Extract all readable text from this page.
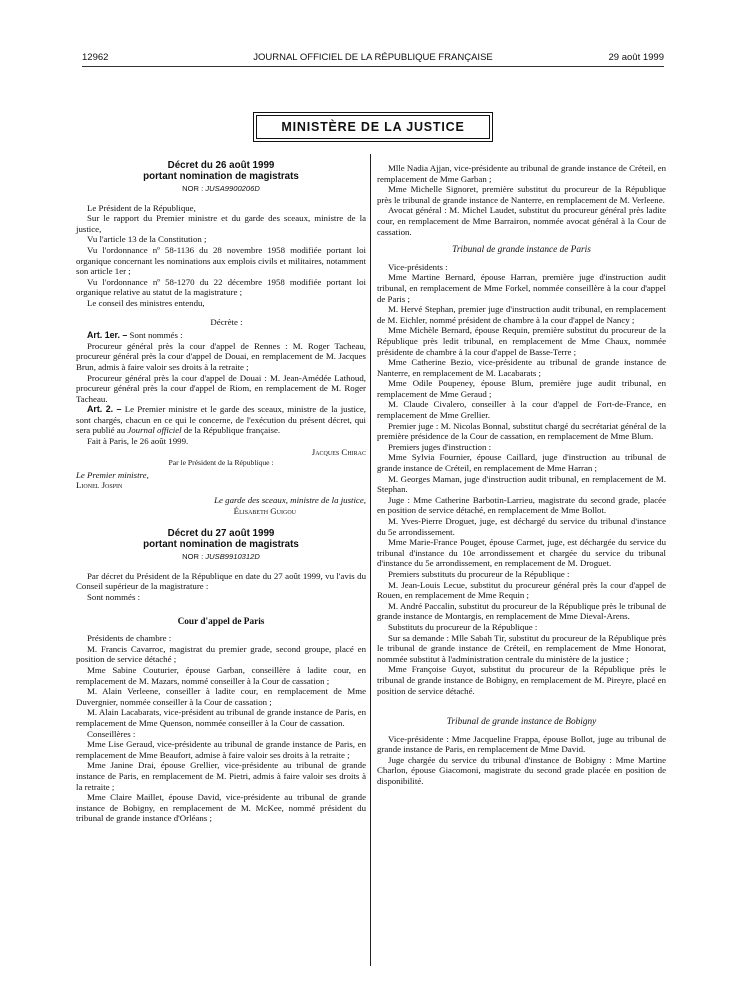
12962	JOURNAL OFFICIEL DE LA RÉPUBLIQUE FRANÇAISE	29 août 1999
MINISTÈRE DE LA JUSTICE

Décret du 26 août 1999

portant nomination de magistrats

NOR : JUSA9900206D

Le Président de la République,

Sur le rapport du Premier ministre et du garde des sceaux, ministre de la justice,

Vu l'article 13 de la Constitution ;

Vu l'ordonnance nº 58-1136 du 28 novembre 1958 modifiée portant loi organique concernant les nominations aux emplois civils et militaires, notamment son article 1er ;

Vu l'ordonnance nº 58-1270 du 22 décembre 1958 modifiée portant loi organique relative au statut de la magistrature ;

Le conseil des ministres entendu,

Décrète :

Art. 1er. – Sont nommés :

Procureur général près la cour d'appel de Rennes : M. Roger Tacheau, procureur général près la cour d'appel de Douai, en remplacement de M. Jacques Brun, admis à faire valoir ses droits à la retraite ;

Procureur général près la cour d'appel de Douai : M. Jean-Amédée Lathoud, procureur général près la cour d'appel de Riom, en remplacement de M. Roger Tacheau.

Art. 2. – Le Premier ministre et le garde des sceaux, ministre de la justice, sont chargés, chacun en ce qui le concerne, de l'exécution du présent décret, qui sera publié au Journal officiel de la République française.

Fait à Paris, le 26 août 1999.

Jacques Chirac

Par le Président de la République :

Le Premier ministre,

Lionel Jospin

Le garde des sceaux, ministre de la justice,

Élisabeth Guigou

Décret du 27 août 1999

portant nomination de magistrats

NOR : JUSB9910312D

Par décret du Président de la République en date du 27 août 1999, vu l'avis du Conseil supérieur de la magistrature :

Sont nommés :

Cour d'appel de Paris

Présidents de chambre :

M. Francis Cavarroc, magistrat du premier grade, second groupe, placé en position de service détaché ;

Mme Sabine Couturier, épouse Garban, conseillère à ladite cour, en remplacement de M. Mazars, nommé conseiller à la Cour de cassation ;

M. Alain Verleene, conseiller à ladite cour, en remplacement de Mme Duvergnier, nommée conseiller à la Cour de cassation ;

M. Alain Lacabarats, vice-président au tribunal de grande instance de Paris, en remplacement de Mme Quenson, nommée conseiller à la Cour de cassation.

Conseillères :

Mme Lise Geraud, vice-présidente au tribunal de grande instance de Paris, en remplacement de Mme Beaufort, admise à faire valoir ses droits à la retraite ;

Mme Janine Drai, épouse Grellier, vice-présidente au tribunal de grande instance de Paris, en remplacement de M. Pietri, admis à faire valoir ses droits à la retraite ;

Mme Claire Maillet, épouse David, vice-présidente au tribunal de grande instance de Bobigny, en remplacement de M. McKee, nommé président du tribunal de grande instance d'Orléans ;

Mlle Nadia Ajjan, vice-présidente au tribunal de grande instance de Créteil, en remplacement de Mme Garban ;

Mme Michelle Signoret, première substitut du procureur de la République près le tribunal de grande instance de Nanterre, en remplacement de M. Verleene.

Avocat général : M. Michel Laudet, substitut du procureur général près ladite cour, en remplacement de Mme Barrairon, nommée avocat général à la Cour de cassation.

Tribunal de grande instance de Paris

Vice-présidents :

Mme Martine Bernard, épouse Harran, première juge d'instruction audit tribunal, en remplacement de Mme Forkel, nommée conseillère à la cour d'appel de Paris ;

M. Hervé Stephan, premier juge d'instruction audit tribunal, en remplacement de M. Eichler, nommé président de chambre à la cour d'appel de Nancy ;

Mme Michèle Bernard, épouse Requin, première substitut du procureur de la République près ledit tribunal, en remplacement de Mme Chaux, nommée présidente de chambre à la cour d'appel de Basse-Terre ;

Mme Catherine Bezio, vice-présidente au tribunal de grande instance de Nanterre, en remplacement de M. Lacabarats ;

Mme Odile Poupeney, épouse Blum, première juge audit tribunal, en remplacement de Mme Geraud ;

M. Claude Civalero, conseiller à la cour d'appel de Fort-de-France, en remplacement de Mme Grellier.

Premier juge : M. Nicolas Bonnal, substitut chargé du secrétariat général de la première présidence de la Cour de cassation, en remplacement de Mme Blum.

Premiers juges d'instruction :

Mme Sylvia Fournier, épouse Caillard, juge d'instruction au tribunal de grande instance de Créteil, en remplacement de Mme Harran ;

M. Georges Maman, juge d'instruction audit tribunal, en remplacement de M. Stephan.

Juge : Mme Catherine Barbotin-Larrieu, magistrate du second grade, placée en position de service détaché, en remplacement de Mme Bollot.

M. Yves-Pierre Droguet, juge, est déchargé du service du tribunal d'instance du 5e arrondissement.

Mme Marie-France Pouget, épouse Carmet, juge, est déchargée du service du tribunal d'instance du 10e arrondissement et chargée du service du tribunal d'instance du 5e arrondissement, en remplacement de M. Droguet.

Premiers substituts du procureur de la République :

M. Jean-Louis Lecue, substitut du procureur général près la cour d'appel de Rouen, en remplacement de Mme Requin ;

M. André Paccalin, substitut du procureur de la République près le tribunal de grande instance de Montargis, en remplacement de Mme Dieval-Arens.

Substituts du procureur de la République :

Sur sa demande : Mlle Sabah Tir, substitut du procureur de la République près le tribunal de grande instance de Créteil, en remplacement de Mme Honorat, nommée substitut à l'administration centrale du ministère de la justice ;

Mme Françoise Guyot, substitut du procureur de la République près le tribunal de grande instance de Bobigny, en remplacement de M. Pireyre, placé en position de service détaché.

Tribunal de grande instance de Bobigny

Vice-présidente : Mme Jacqueline Frappa, épouse Bollot, juge au tribunal de grande instance de Paris, en remplacement de Mme David.

Juge chargée du service du tribunal d'instance de Bobigny : Mme Martine Charlon, épouse Giacomoni, magistrate du second grade placée en position de disponibilité.
